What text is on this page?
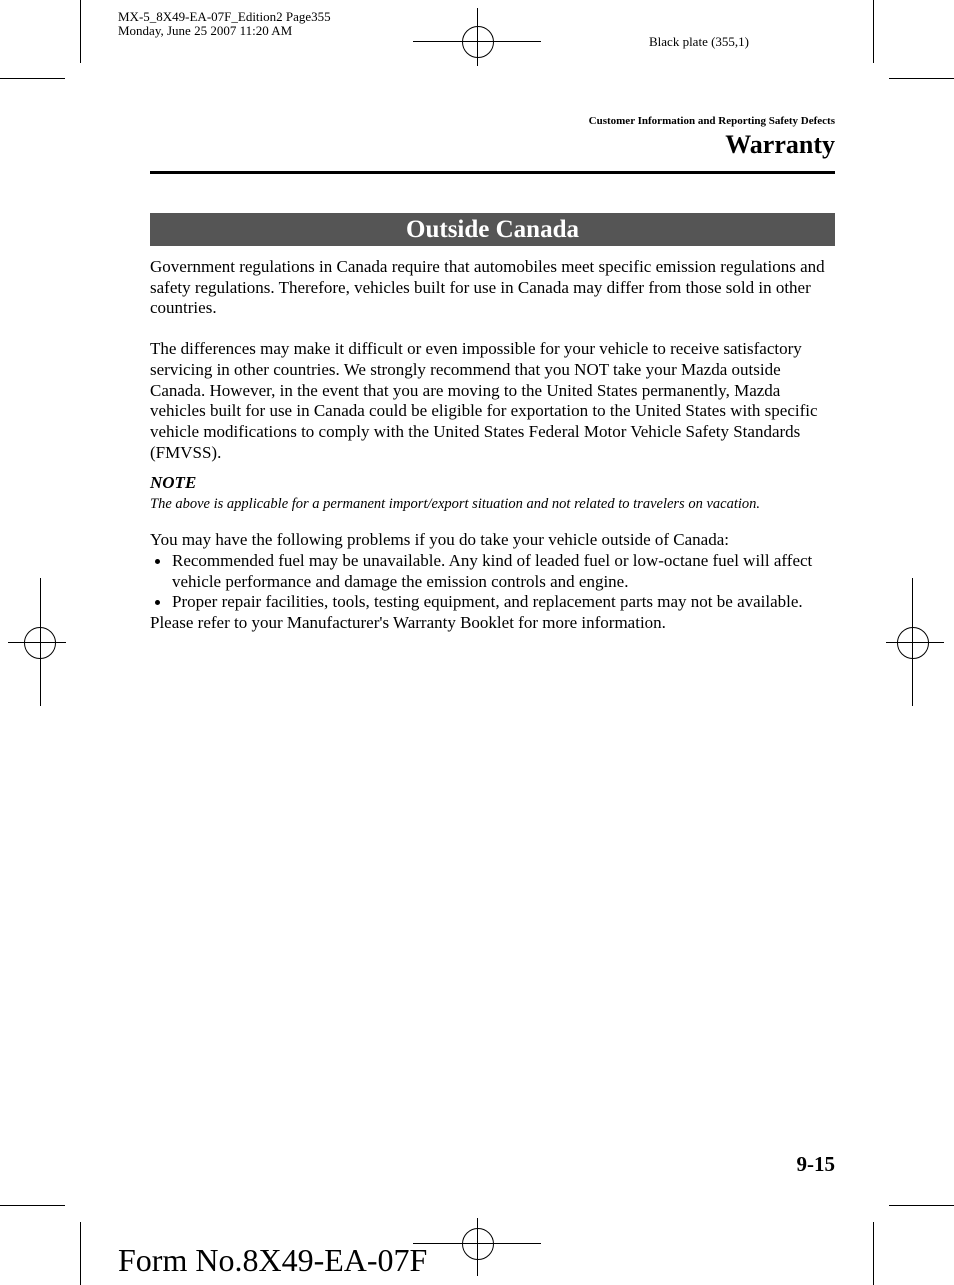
MX-5_8X49-EA-07F_Edition2 Page355
Monday, June 25 2007 11:20 AM
Black plate (355,1)
Customer Information and Reporting Safety Defects
Warranty
Outside Canada

Government regulations in Canada require that automobiles meet specific emission regulations and safety regulations. Therefore, vehicles built for use in Canada may differ from those sold in other countries.

The differences may make it difficult or even impossible for your vehicle to receive satisfactory servicing in other countries. We strongly recommend that you NOT take your Mazda outside Canada. However, in the event that you are moving to the United States permanently, Mazda vehicles built for use in Canada could be eligible for exportation to the United States with specific vehicle modifications to comply with the United States Federal Motor Vehicle Safety Standards (FMVSS).

NOTE
The above is applicable for a permanent import/export situation and not related to travelers on vacation.

You may have the following problems if you do take your vehicle outside of Canada:

Recommended fuel may be unavailable. Any kind of leaded fuel or low-octane fuel will affect vehicle performance and damage the emission controls and engine.
Proper repair facilities, tools, testing equipment, and replacement parts may not be available.

Please refer to your Manufacturer's Warranty Booklet for more information.

9-15
Form No.8X49-EA-07F
